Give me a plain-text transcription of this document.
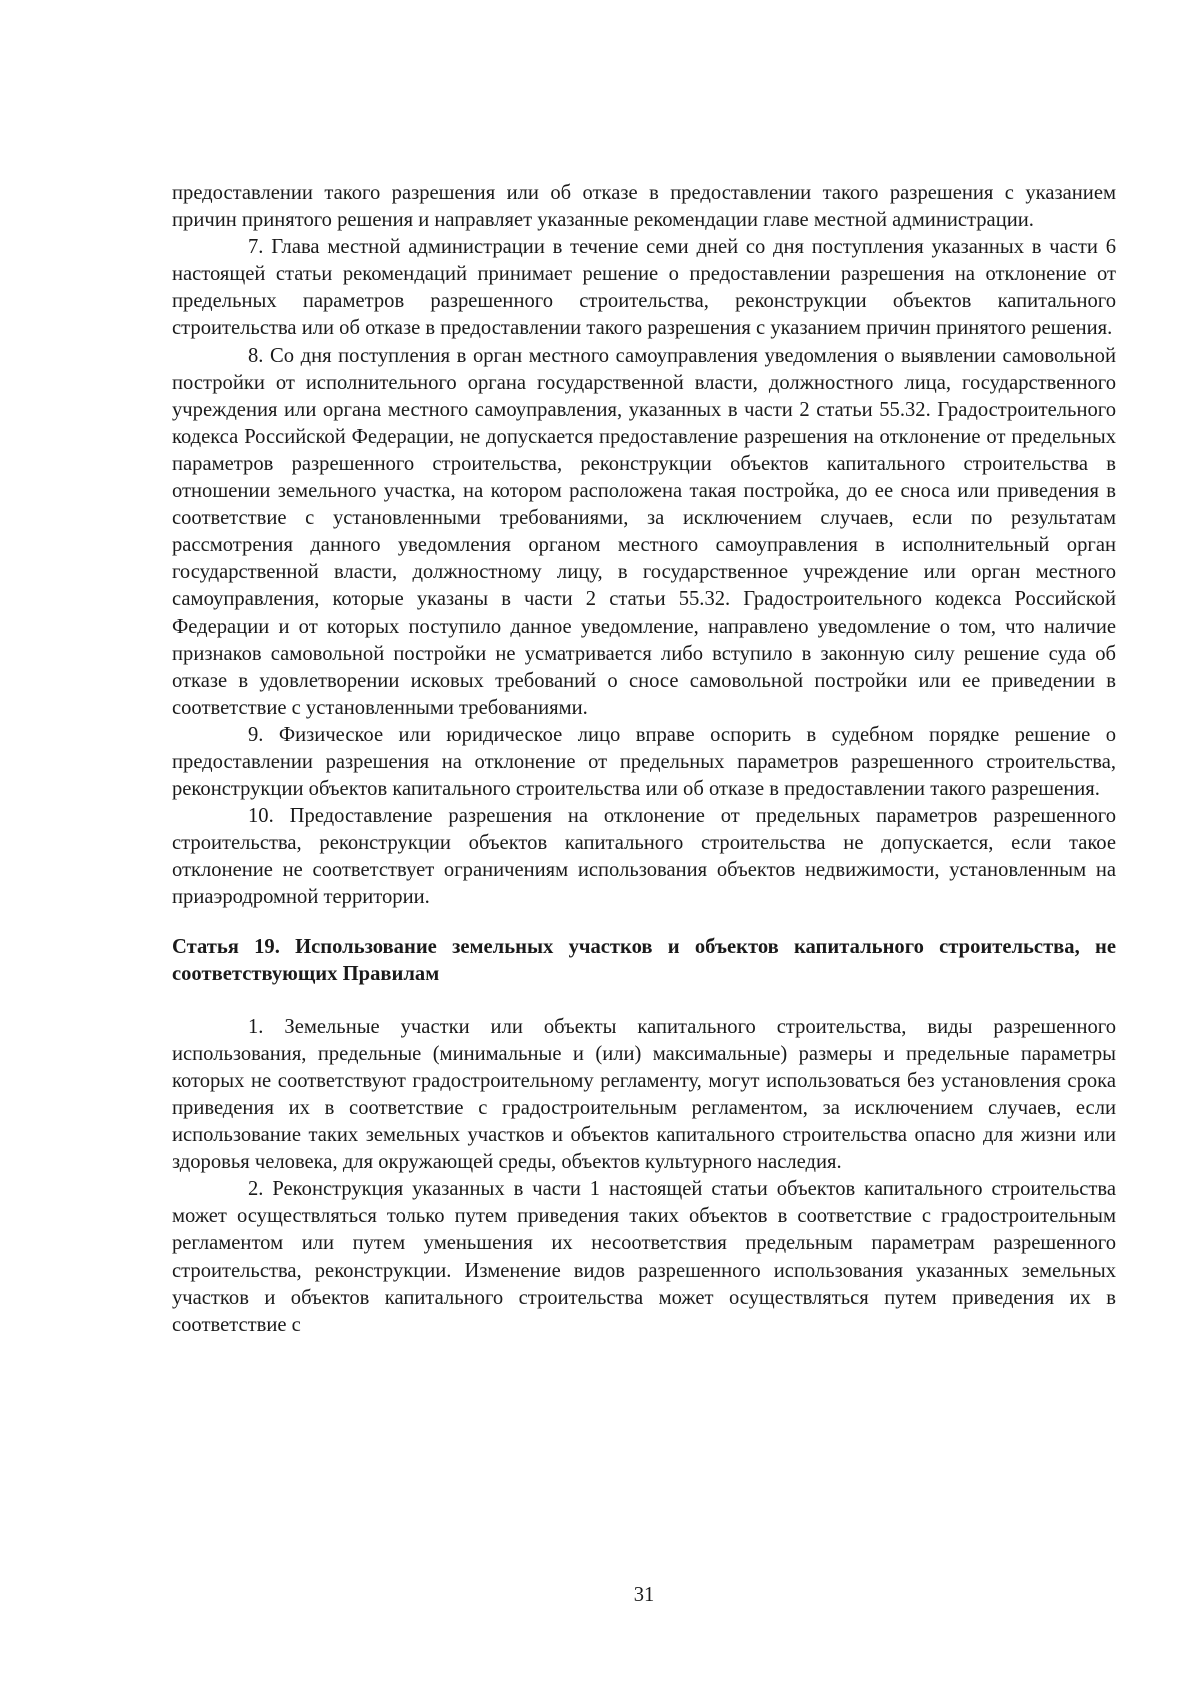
предоставлении такого разрешения или об отказе в предоставлении такого разрешения с указанием причин принятого решения и направляет указанные рекомендации главе местной администрации.

7. Глава местной администрации в течение семи дней со дня поступления указанных в части 6 настоящей статьи рекомендаций принимает решение о предоставлении разрешения на отклонение от предельных параметров разрешенного строительства, реконструкции объектов капитального строительства или об отказе в предоставлении такого разрешения с указанием причин принятого решения.

8. Со дня поступления в орган местного самоуправления уведомления о выявлении самовольной постройки от исполнительного органа государственной власти, должностного лица, государственного учреждения или органа местного самоуправления, указанных в части 2 статьи 55.32. Градостроительного кодекса Российской Федерации, не допускается предоставление разрешения на отклонение от предельных параметров разрешенного строительства, реконструкции объектов капитального строительства в отношении земельного участка, на котором расположена такая постройка, до ее сноса или приведения в соответствие с установленными требованиями, за исключением случаев, если по результатам рассмотрения данного уведомления органом местного самоуправления в исполнительный орган государственной власти, должностному лицу, в государственное учреждение или орган местного самоуправления, которые указаны в части 2 статьи 55.32. Градостроительного кодекса Российской Федерации и от которых поступило данное уведомление, направлено уведомление о том, что наличие признаков самовольной постройки не усматривается либо вступило в законную силу решение суда об отказе в удовлетворении исковых требований о сносе самовольной постройки или ее приведении в соответствие с установленными требованиями.

9. Физическое или юридическое лицо вправе оспорить в судебном порядке решение о предоставлении разрешения на отклонение от предельных параметров разрешенного строительства, реконструкции объектов капитального строительства или об отказе в предоставлении такого разрешения.

10. Предоставление разрешения на отклонение от предельных параметров разрешенного строительства, реконструкции объектов капитального строительства не допускается, если такое отклонение не соответствует ограничениям использования объектов недвижимости, установленным на приаэродромной территории.

Статья 19. Использование земельных участков и объектов капитального строительства, не соответствующих Правилам

1. Земельные участки или объекты капитального строительства, виды разрешенного использования, предельные (минимальные и (или) максимальные) размеры и предельные параметры которых не соответствуют градостроительному регламенту, могут использоваться без установления срока приведения их в соответствие с градостроительным регламентом, за исключением случаев, если использование таких земельных участков и объектов капитального строительства опасно для жизни или здоровья человека, для окружающей среды, объектов культурного наследия.

2. Реконструкция указанных в части 1 настоящей статьи объектов капитального строительства может осуществляться только путем приведения таких объектов в соответствие с градостроительным регламентом или путем уменьшения их несоответствия предельным параметрам разрешенного строительства, реконструкции. Изменение видов разрешенного использования указанных земельных участков и объектов капитального строительства может осуществляться путем приведения их в соответствие с

31
